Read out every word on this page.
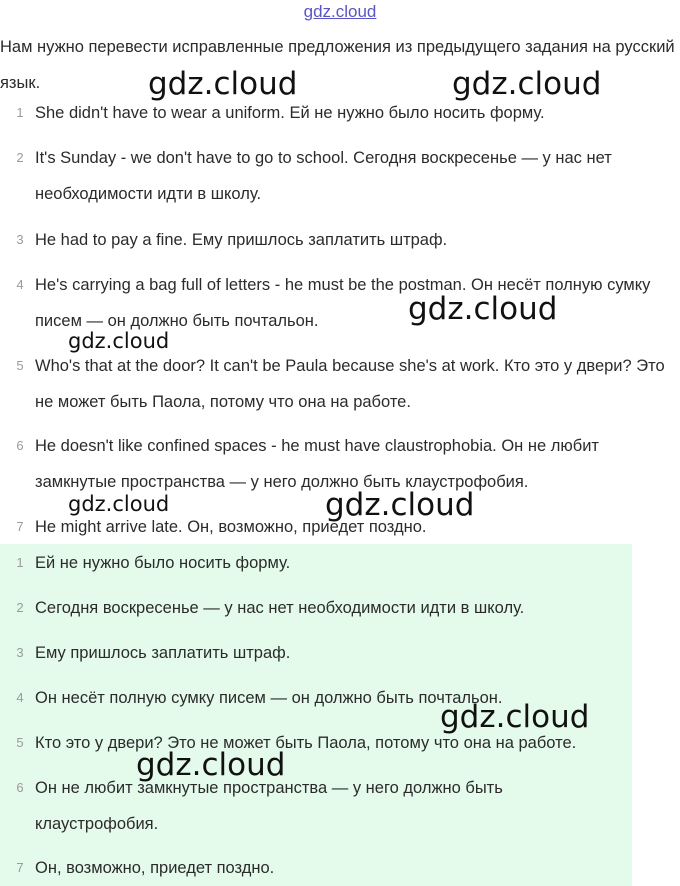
gdz.cloud
Нам нужно перевести исправленные предложения из предыдущего задания на русский язык.
1 She didn't have to wear a uniform. Ей не нужно было носить форму.
2 It's Sunday - we don't have to go to school. Сегодня воскресенье — у нас нет необходимости идти в школу.
3 He had to pay a fine. Ему пришлось заплатить штраф.
4 He's carrying a bag full of letters - he must be the postman. Он несёт полную сумку писем — он должно быть почтальон.
5 Who's that at the door? It can't be Paula because she's at work. Кто это у двери? Это не может быть Паола, потому что она на работе.
6 He doesn't like confined spaces - he must have claustrophobia. Он не любит замкнутые пространства — у него должно быть клаустрофобия.
7 He might arrive late. Он, возможно, приедет поздно.
1 Ей не нужно было носить форму.
2 Сегодня воскресенье — у нас нет необходимости идти в школу.
3 Ему пришлось заплатить штраф.
4 Он несёт полную сумку писем — он должно быть почтальон.
5 Кто это у двери? Это не может быть Паола, потому что она на работе.
6 Он не любит замкнутые пространства — у него должно быть клаустрофобия.
7 Он, возможно, приедет поздно.
gdz.cloud	gdz.cloud
gdz.cloud
gdz.cloud
gdz.cloud	gdz.cloud
gdz.cloud
gdz.cloud
